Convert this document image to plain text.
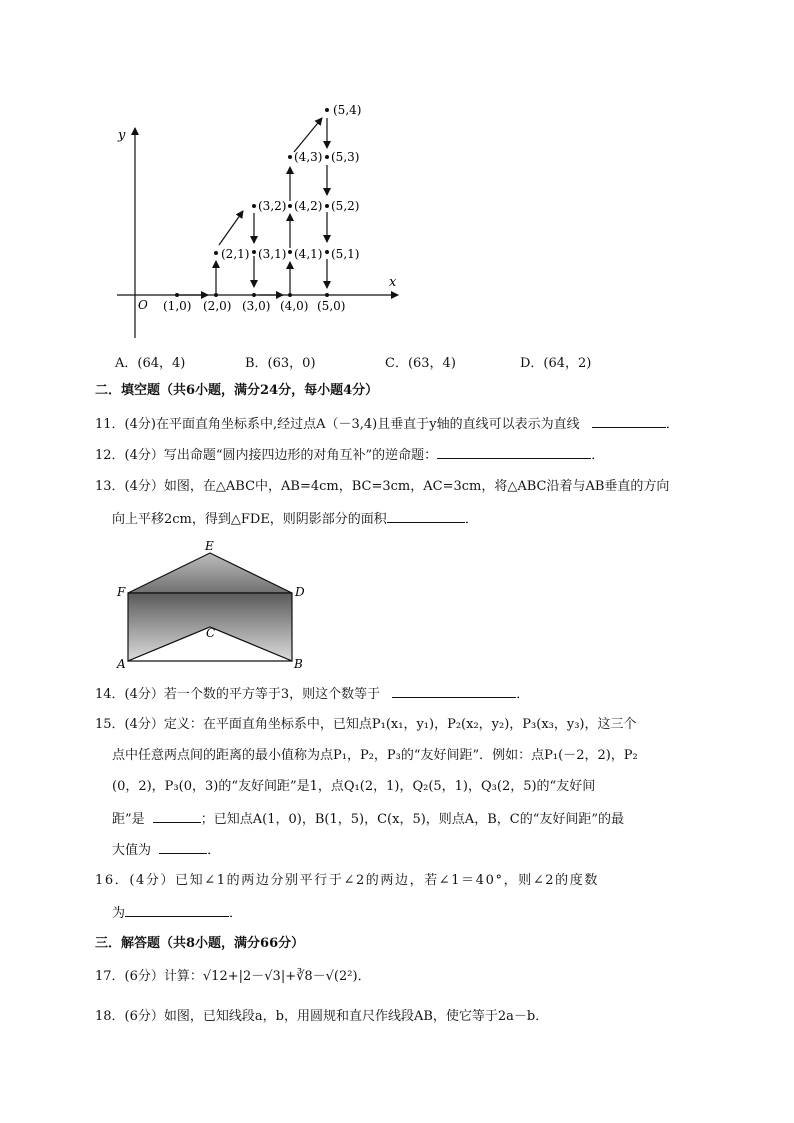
x
y
O (1,0) (2,0) (3,0) (4,0) (5,0)
(2,1) (3,1) (4,1) (5,1)
(3,2) (4,2) (5,2)
(4,3) (5,3)
(5,4)
A．(64，4)	B．(63，0)	C．(63，4)	D．(64，2)
二．填空题（共6小题，满分24分，每小题4分）
11．(4分)在平面直角坐标系中,经过点A（－3,4)且垂直于y轴的直线可以表示为直线	．
12．(4分）写出命题“圆内接四边形的对角互补”的逆命题：	．
13．(4分）如图，在△ABC中，AB=4cm，BC=3cm，AC=3cm，将△ABC沿着与AB垂直的方向
向上平移2cm，得到△FDE，则阴影部分的面积	．
E
F	D
C
A	B
14．(4分）若一个数的平方等于3，则这个数等于	．
15．(4分）定义：在平面直角坐标系中，已知点P₁(x₁，y₁)，P₂(x₂，y₂)，P₃(x₃，y₃)，这三个
点中任意两点间的距离的最小值称为点P₁，P₂，P₃的“友好间距”．例如：点P₁(－2，2)，P₂
(0，2)，P₃(0，3)的“友好间距”是1，点Q₁(2，1)，Q₂(5，1)，Q₃(2，5)的“友好间
距”是	；已知点A(1，0)，B(1，5)，C(x，5)，则点A，B，C的“友好间距”的最
大值为	．
16．(4分）已知∠1的两边分别平行于∠2的两边，若∠1＝40°，则∠2的度数
为	．
三．解答题（共8小题，满分66分）
17．(6分）计算：√12+|2－√3|+∛8－√(2²)．
18．(6分）如图，已知线段a，b，用圆规和直尺作线段AB，使它等于2a－b．
